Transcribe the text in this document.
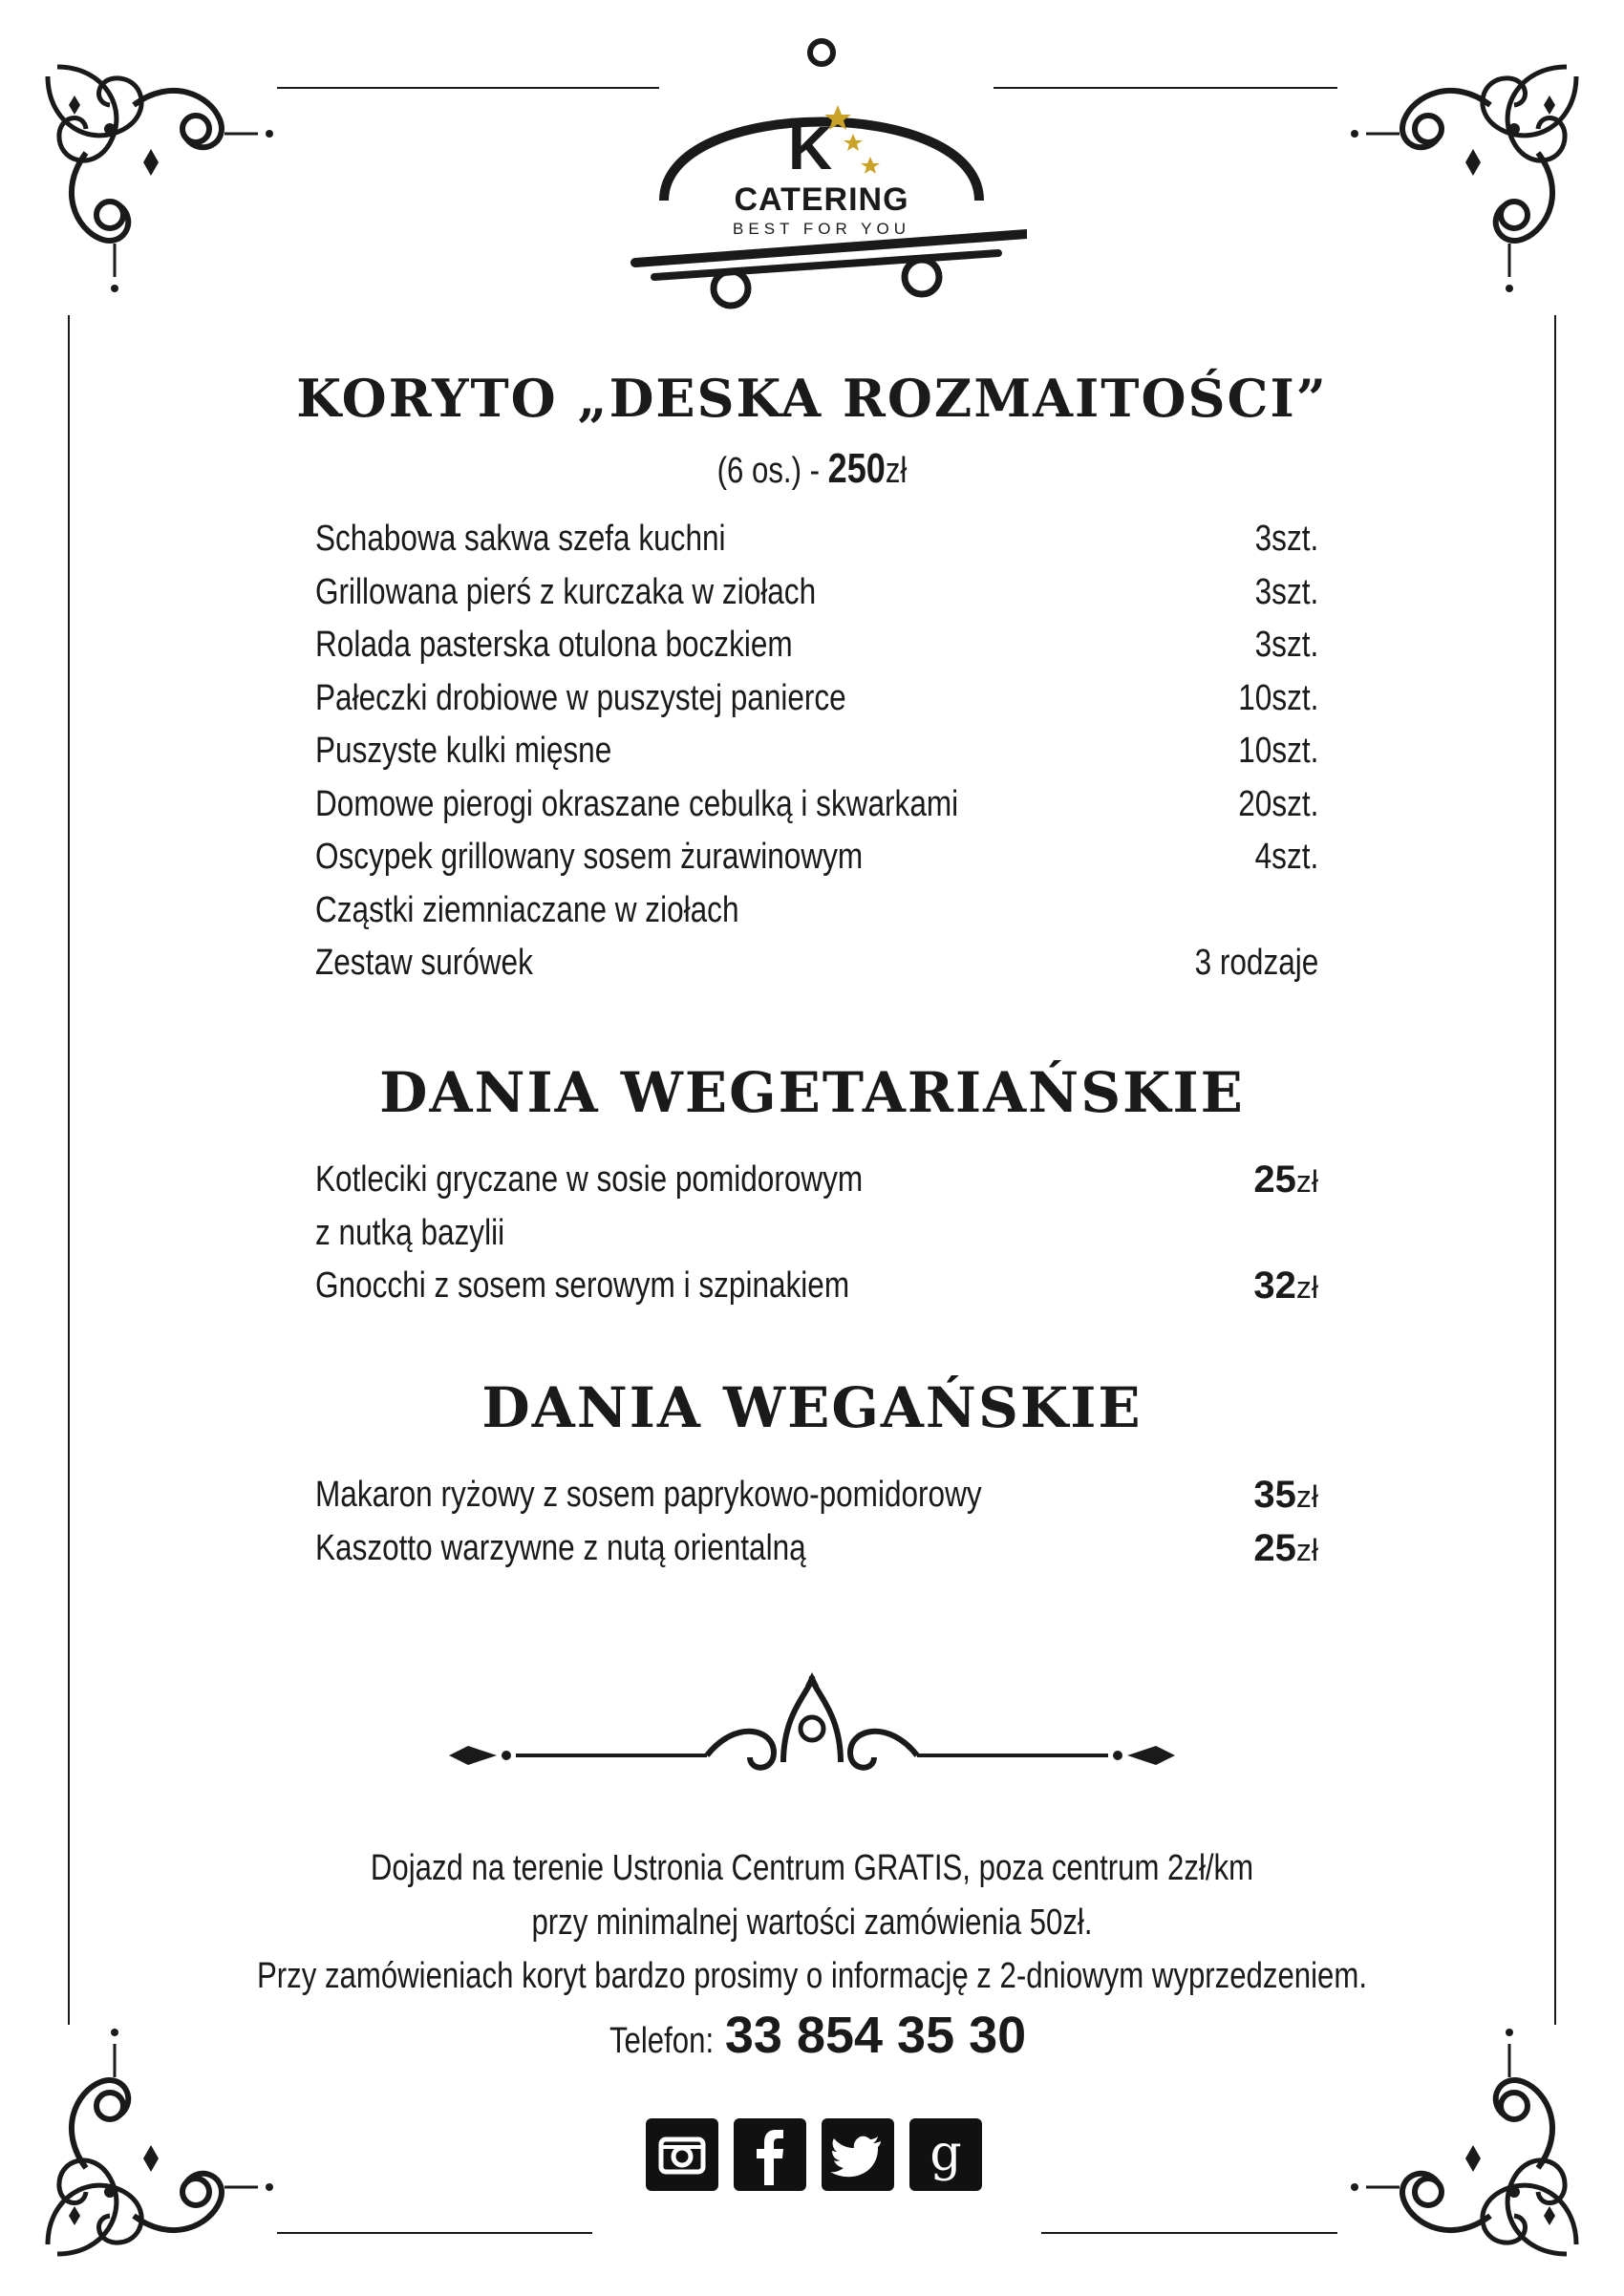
K
CATERING
BEST FOR YOU
KORYTO „DESKA ROZMAITOŚCI”
(6 os.) - 250zł
Schabowa sakwa szefa kuchni	3szt.
Grillowana pierś z kurczaka w ziołach	3szt.
Rolada pasterska otulona boczkiem	3szt.
Pałeczki drobiowe w puszystej panierce	10szt.
Puszyste kulki mięsne	10szt.
Domowe pierogi okraszane cebulką i skwarkami	20szt.
Oscypek grillowany sosem żurawinowym	4szt.
Cząstki ziemniaczane w ziołach
Zestaw surówek	3 rodzaje
DANIA WEGETARIAŃSKIE
Kotleciki gryczane w sosie pomidorowym	25zł
z nutką bazylii
Gnocchi z sosem serowym i szpinakiem	32zł
DANIA WEGAŃSKIE
Makaron ryżowy z sosem paprykowo-pomidorowy	35zł
Kaszotto warzywne z nutą orientalną	25zł
Dojazd na terenie Ustronia Centrum GRATIS, poza centrum 2zł/km
przy minimalnej wartości zamówienia 50zł.
Przy zamówieniach koryt bardzo prosimy o informację z 2-dniowym wyprzedzeniem.
Telefon:33 854 35 30
g
